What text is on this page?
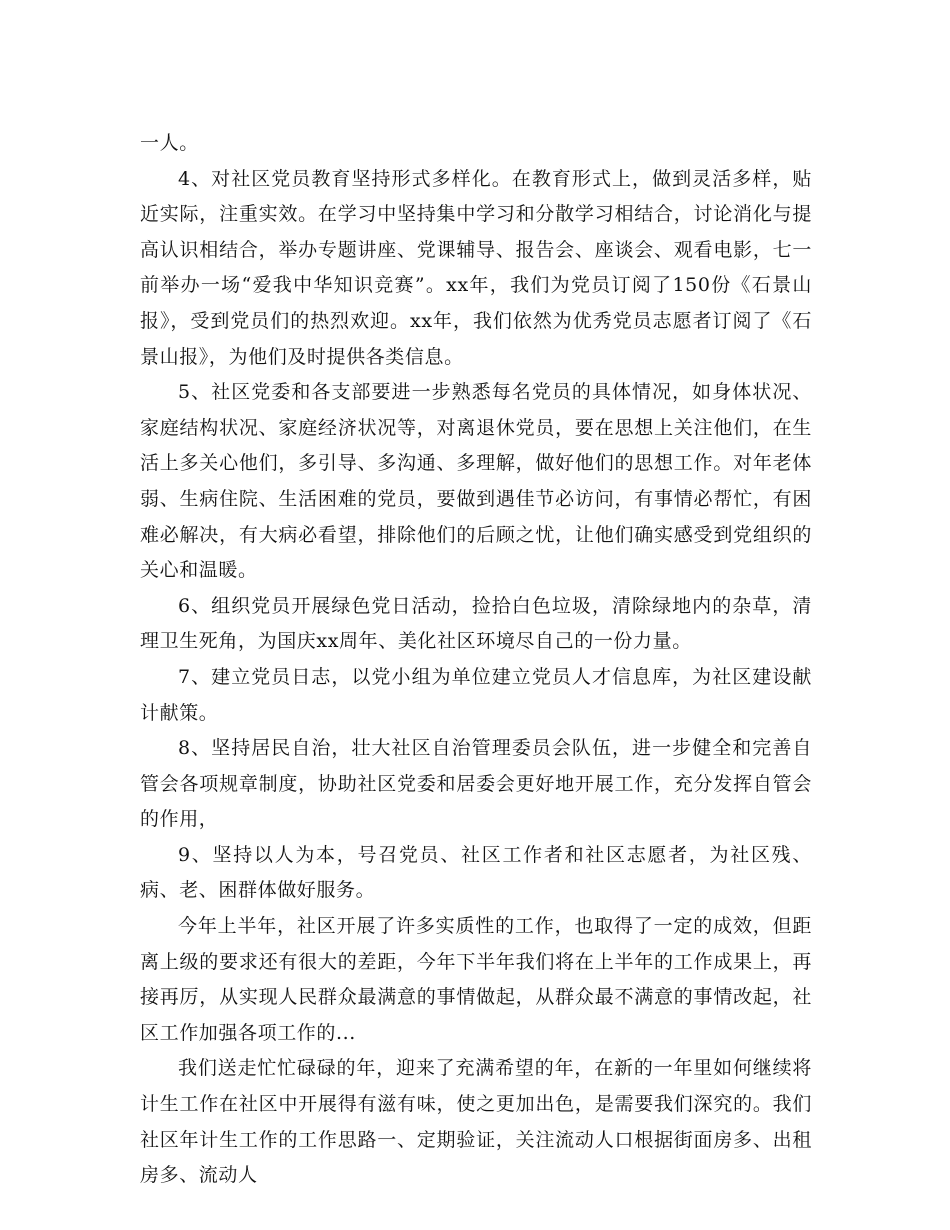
一人。

4、对社区党员教育坚持形式多样化。在教育形式上，做到灵活多样，贴近实际，注重实效。在学习中坚持集中学习和分散学习相结合，讨论消化与提高认识相结合，举办专题讲座、党课辅导、报告会、座谈会、观看电影，七一前举办一场“爱我中华知识竞赛”。xx年，我们为党员订阅了150份《石景山报》，受到党员们的热烈欢迎。xx年，我们依然为优秀党员志愿者订阅了《石景山报》，为他们及时提供各类信息。

5、社区党委和各支部要进一步熟悉每名党员的具体情况，如身体状况、家庭结构状况、家庭经济状况等，对离退休党员，要在思想上关注他们，在生活上多关心他们，多引导、多沟通、多理解，做好他们的思想工作。对年老体弱、生病住院、生活困难的党员，要做到遇佳节必访问，有事情必帮忙，有困难必解决，有大病必看望，排除他们的后顾之忧，让他们确实感受到党组织的关心和温暖。

6、组织党员开展绿色党日活动，捡拾白色垃圾，清除绿地内的杂草，清理卫生死角，为国庆xx周年、美化社区环境尽自己的一份力量。

7、建立党员日志，以党小组为单位建立党员人才信息库，为社区建设献计献策。

8、坚持居民自治，壮大社区自治管理委员会队伍，进一步健全和完善自管会各项规章制度，协助社区党委和居委会更好地开展工作，充分发挥自管会的作用，

9、坚持以人为本，号召党员、社区工作者和社区志愿者，为社区残、病、老、困群体做好服务。

今年上半年，社区开展了许多实质性的工作，也取得了一定的成效，但距离上级的要求还有很大的差距，今年下半年我们将在上半年的工作成果上，再接再厉，从实现人民群众最满意的事情做起，从群众最不满意的事情改起，社区工作加强各项工作的...

我们送走忙忙碌碌的年，迎来了充满希望的年，在新的一年里如何继续将计生工作在社区中开展得有滋有味，使之更加出色，是需要我们深究的。我们社区年计生工作的工作思路一、定期验证，关注流动人口根据街面房多、出租房多、流动人
